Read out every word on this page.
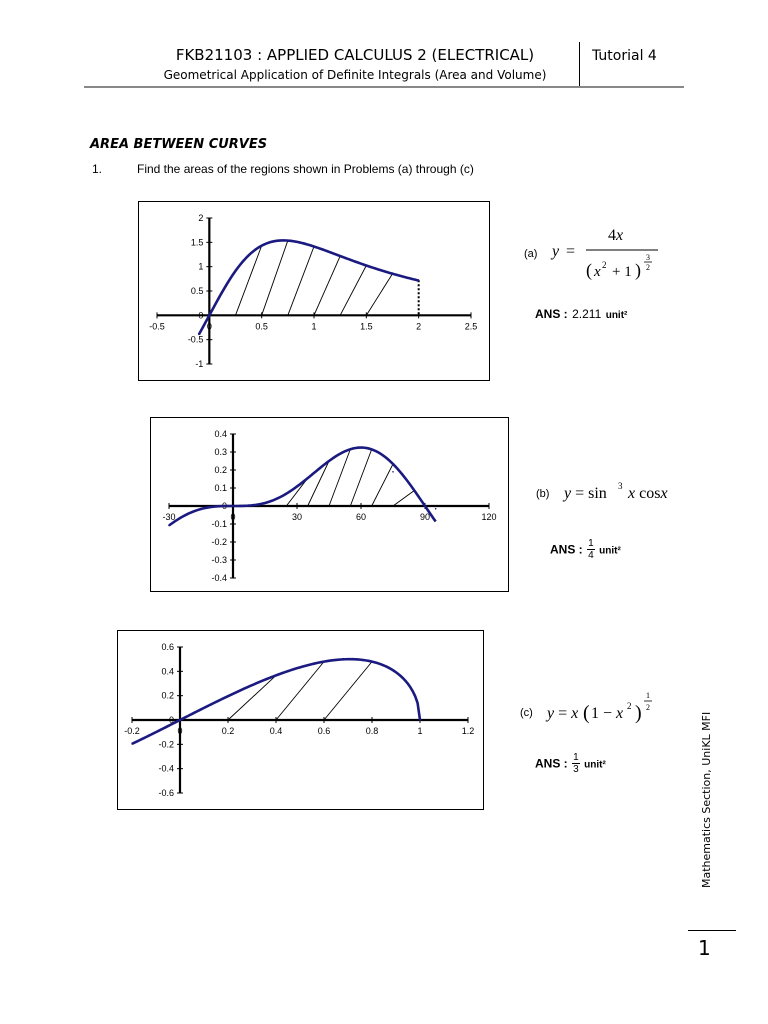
FKB21103 : APPLIED CALCULUS 2 (ELECTRICAL)
Geometrical Application of Definite Integrals (Area and Volume)
Tutorial 4
AREA BETWEEN CURVES
1.	Find the areas of the regions shown in Problems (a) through (c)
-0.5	0	0.5	1	1.5	2	2.5
2
1.5
1
0.5
0
-0.5
-1
-30	0	30	60	90	120
0.4
0.3
0.2
0.1
0
-0.1
-0.2
-0.3
-0.4
-0.2	0	0.2	0.4	0.6	0.8	1	1.2
0.6
0.4
0.2
0
-0.2
-0.4
-0.6
(a) y =
4x
( x 2 + 1 )
3
2
ANS : 2.211 unit²
(b) y = sin 3 x cosx
ANS : $\frac{1}{4}$ unit²
(c) y = x ( 1 − x 2 )
1
2
ANS : $\frac{1}{3}$ unit²	Mathematics Section, UniKL MFI
1
